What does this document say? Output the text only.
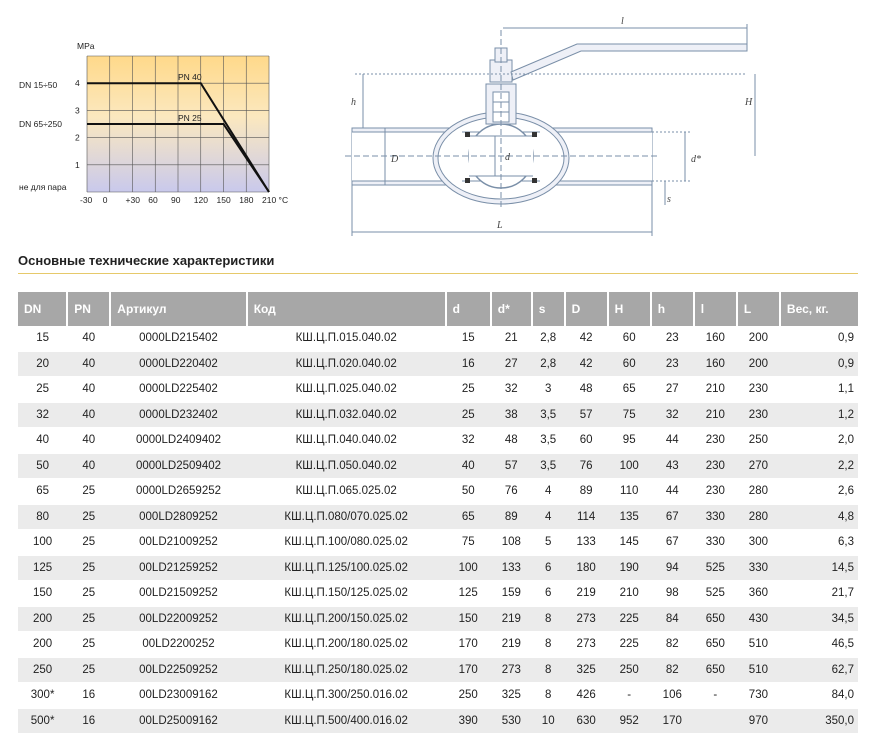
MPa
1
2
3
4
-30 0 +30 60 90 120 150 180 210 °C
DN 15÷50
DN 65÷250
не для пара
PN 40
PN 25
l
H
h
D	d	d*
s
L
Основные технические характеристики
DN	PN	Артикул	Код	d	d*	s	D	H	h	l	L	Вес, кг.
15	40	0000LD215402	КШ.Ц.П.015.040.02	15	21	2,8	42	60	23	160	200	0,9
20	40	0000LD220402	КШ.Ц.П.020.040.02	16	27	2,8	42	60	23	160	200	0,9
25	40	0000LD225402	КШ.Ц.П.025.040.02	25	32	3	48	65	27	210	230	1,1
32	40	0000LD232402	КШ.Ц.П.032.040.02	25	38	3,5	57	75	32	210	230	1,2
40	40	0000LD2409402	КШ.Ц.П.040.040.02	32	48	3,5	60	95	44	230	250	2,0
50	40	0000LD2509402	КШ.Ц.П.050.040.02	40	57	3,5	76	100	43	230	270	2,2
65	25	0000LD2659252	КШ.Ц.П.065.025.02	50	76	4	89	110	44	230	280	2,6
80	25	000LD2809252	КШ.Ц.П.080/070.025.02	65	89	4	114	135	67	330	280	4,8
100	25	00LD21009252	КШ.Ц.П.100/080.025.02	75	108	5	133	145	67	330	300	6,3
125	25	00LD21259252	КШ.Ц.П.125/100.025.02	100	133	6	180	190	94	525	330	14,5
150	25	00LD21509252	КШ.Ц.П.150/125.025.02	125	159	6	219	210	98	525	360	21,7
200	25	00LD22009252	КШ.Ц.П.200/150.025.02	150	219	8	273	225	84	650	430	34,5
200	25	00LD2200252	КШ.Ц.П.200/180.025.02	170	219	8	273	225	82	650	510	46,5
250	25	00LD22509252	КШ.Ц.П.250/180.025.02	170	273	8	325	250	82	650	510	62,7
300*	16	00LD23009162	КШ.Ц.П.300/250.016.02	250	325	8	426	-	106	-	730	84,0
500*	16	00LD25009162	КШ.Ц.П.500/400.016.02	390	530	10	630	952	170		970	350,0
